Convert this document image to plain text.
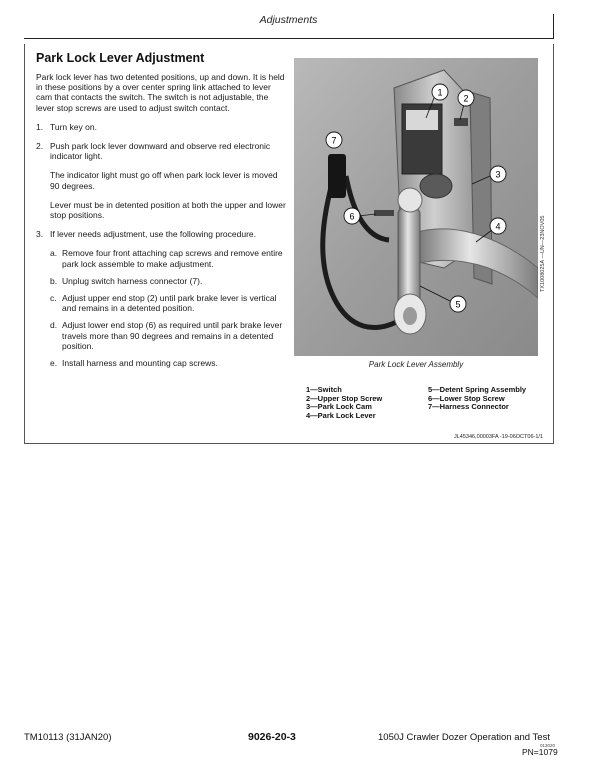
Adjustments
Park Lock Lever Adjustment

Park lock lever has two detented positions, up and down. It is held in these positions by a over center spring link attached to lever cam that contacts the switch. The switch is not adjustable, the lever stop screws are used to adjust switch contact.

1. Turn key on.
2. Push park lock lever downward and observe red electronic indicator light.
The indicator light must go off when park lock lever is moved 90 degrees.
Lever must be in detented position at both the upper and lower stop positions.
3. If lever needs adjustment, use the following procedure.
a. Remove four front attaching cap screws and remove entire park lock assemble to make adjustment.
b. Unplug switch harness connector (7).
c. Adjust upper end stop (2) until park brake lever is vertical and remains in a detented position.
d. Adjust lower end stop (6) as required until park brake lever travels more than 90 degrees and remains in a detented position.
e. Install harness and mounting cap screws.
1
2
3
4
5
6
7
TX1008025A —UN—23NOV05
Park Lock Lever Assembly
1—Switch
2—Upper Stop Screw
3—Park Lock Cam
4—Park Lock Lever
5—Detent Spring Assembly
6—Lower Stop Screw
7—Harness Connector
JL45346,00003FA -19-06OCT06-1/1
TM10113 (31JAN20)	9026-20-3	1050J Crawler Dozer Operation and Test
013020
PN=1079
